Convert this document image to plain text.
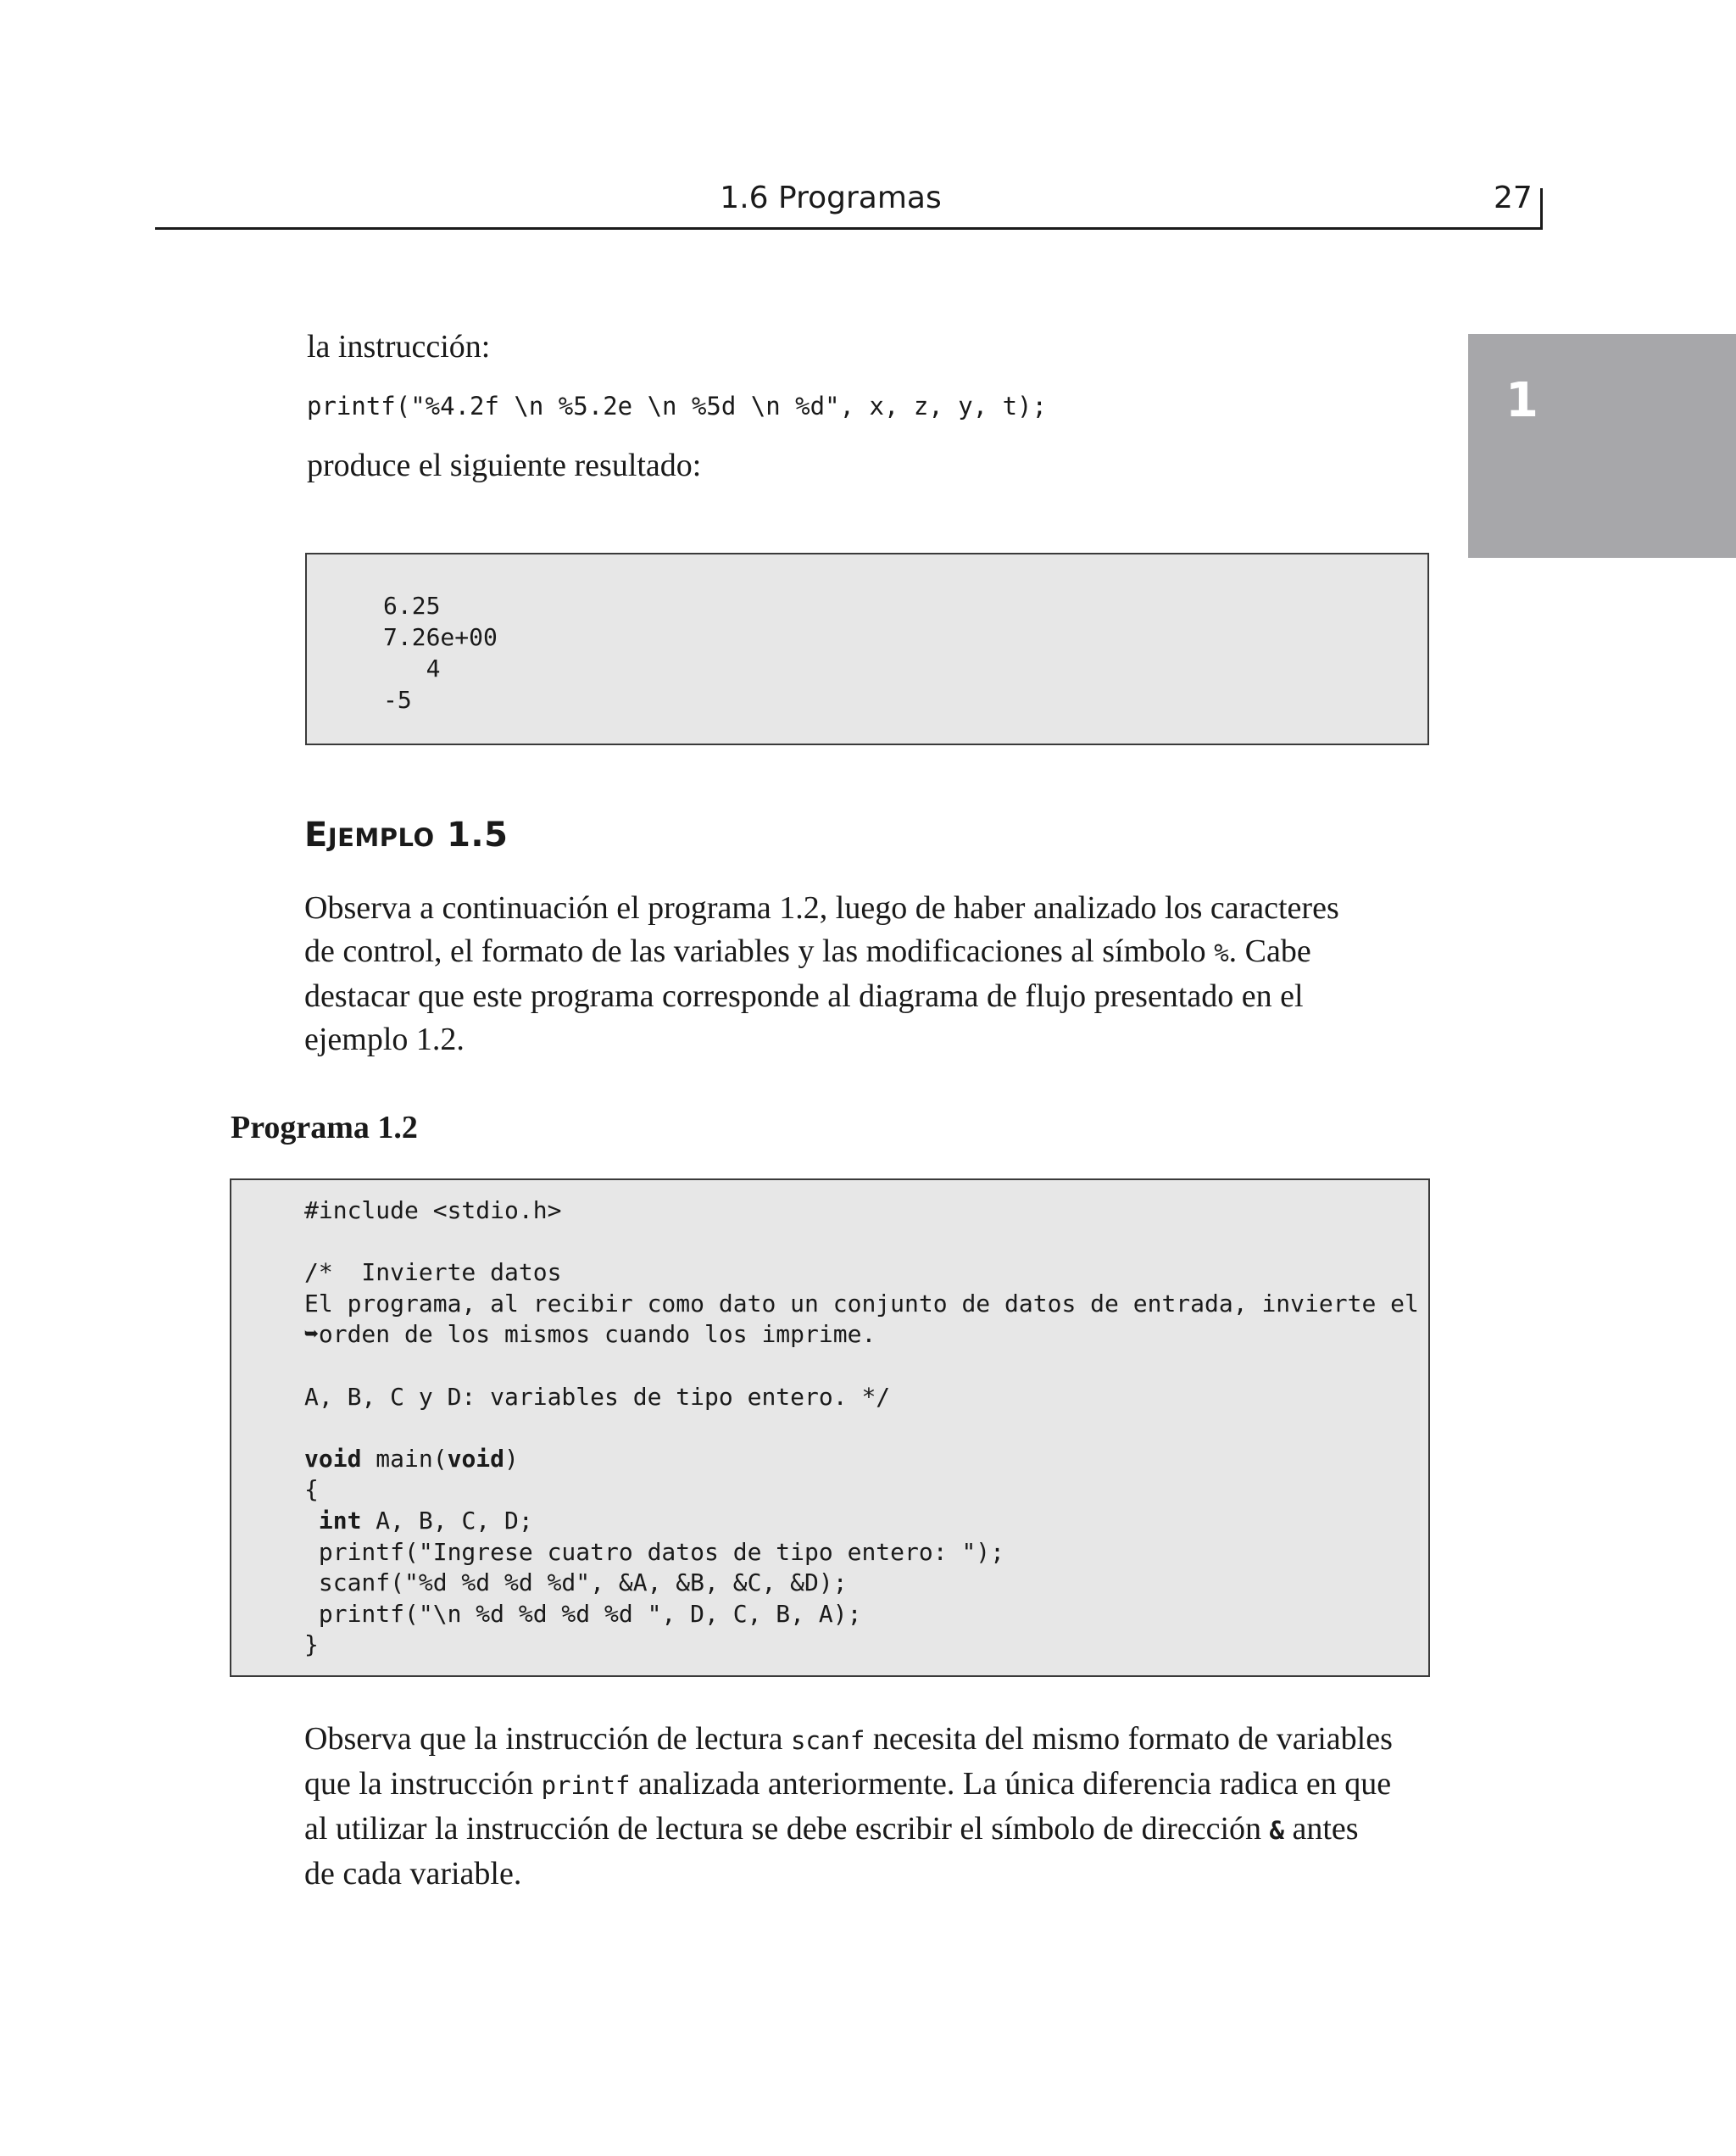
1.6 Programas	27
1
la instrucción:
printf("%4.2f \n %5.2e \n %5d \n %d", x, z, y, t);
produce el siguiente resultado:
6.25
7.26e+00
4
-5
EJEMPLO 1.5
Observa a continuación el programa 1.2, luego de haber analizado los caracteres
de control, el formato de las variables y las modificaciones al símbolo %. Cabe
destacar que este programa corresponde al diagrama de flujo presentado en el
ejemplo 1.2.
Programa 1.2
#include <stdio.h>

/*  Invierte datos
El programa, al recibir como dato un conjunto de datos de entrada, invierte el
➥orden de los mismos cuando los imprime.

A, B, C y D: variables de tipo entero. */

void main(void)
{
int A, B, C, D;
printf("Ingrese cuatro datos de tipo entero: ");
scanf("%d %d %d %d", &A, &B, &C, &D);
printf("\n %d %d %d %d ", D, C, B, A);
}
Observa que la instrucción de lectura scanf necesita del mismo formato de variables
que la instrucción printf analizada anteriormente. La única diferencia radica en que
al utilizar la instrucción de lectura se debe escribir el símbolo de dirección & antes
de cada variable.
